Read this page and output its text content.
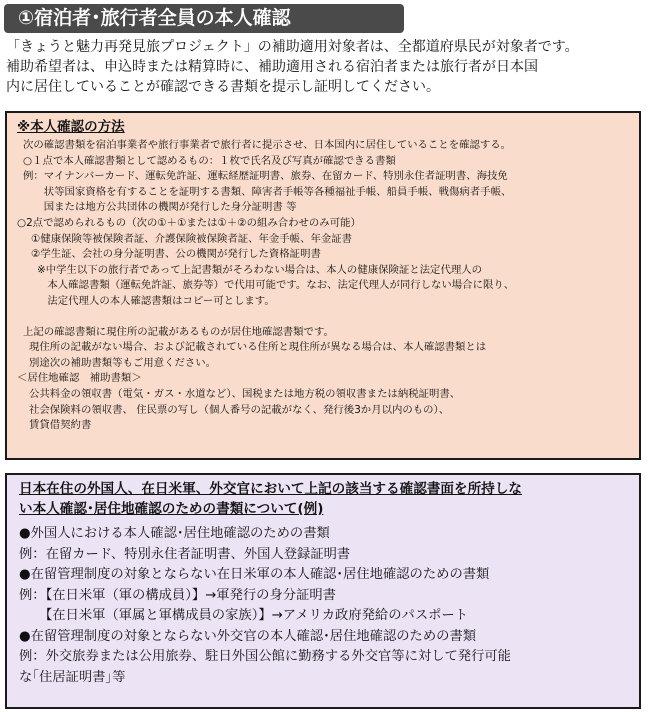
①宿泊者･旅行者全員の本人確認
「きょうと魅力再発見旅プロジェクト」の補助適用対象者は、全都道府県民が対象者です。
補助希望者は、申込時または精算時に、補助適用される宿泊者または旅行者が日本国
内に居住していることが確認できる書類を提示し証明してください。
※本人確認の方法
次の確認書類を宿泊事業者や旅行事業者で旅行者に提示させ、日本国内に居住していることを確認する。
○１点で本人確認書類として認めるもの：１枚で氏名及び写真が確認できる書類
例：マイナンバーカード、運転免許証、運転経歴証明書、旅券、在留カード、特別永住者証明書、海技免
　　状等国家資格を有することを証明する書類、障害者手帳等各種福祉手帳、船員手帳、戦傷病者手帳、
　　国または地方公共団体の機関が発行した身分証明書 等
○2点で認められるもの（次の①＋①または①＋②の組み合わせのみ可能）
①健康保険等被保険者証、介護保険被保険者証、年金手帳、年金証書
②学生証、会社の身分証明書、公の機関が発行した資格証明書
※中学生以下の旅行者であって上記書類がそろわない場合は、本人の健康保険証と法定代理人の
　本人確認書類（運転免許証、旅券等）で代用可能です。なお、法定代理人が同行しない場合に限り、
　法定代理人の本人確認書類はコピー可とします。
上記の確認書類に現住所の記載があるものが居住地確認書類です。
現住所の記載がない場合、および記載されている住所と現住所が異なる場合は、本人確認書類とは
別途次の補助書類等もご用意ください。
＜居住地確認　補助書類＞
公共料金の領収書（電気・ガス・水道など）、国税または地方税の領収書または納税証明書、
社会保険料の領収書、 住民票の写し（個人番号の記載がなく、発行後3か月以内のもの）、
賃貸借契約書
日本在住の外国人、在日米軍、外交官において上記の該当する確認書面を所持しな
い本人確認･居住地確認のための書類について(例)
●外国人における本人確認･居住地確認のための書類
例：在留カード、特別永住者証明書、外国人登録証明書
●在留管理制度の対象とならない在日米軍の本人確認･居住地確認のための書類
例：【在日米軍（軍の構成員）】→軍発行の身分証明書
　　【在日米軍（軍属と軍構成員の家族）】→アメリカ政府発給のパスポート
●在留管理制度の対象とならない外交官の本人確認･居住地確認のための書類
例：外交旅券または公用旅券、駐日外国公館に勤務する外交官等に対して発行可能
な｢住居証明書｣等
